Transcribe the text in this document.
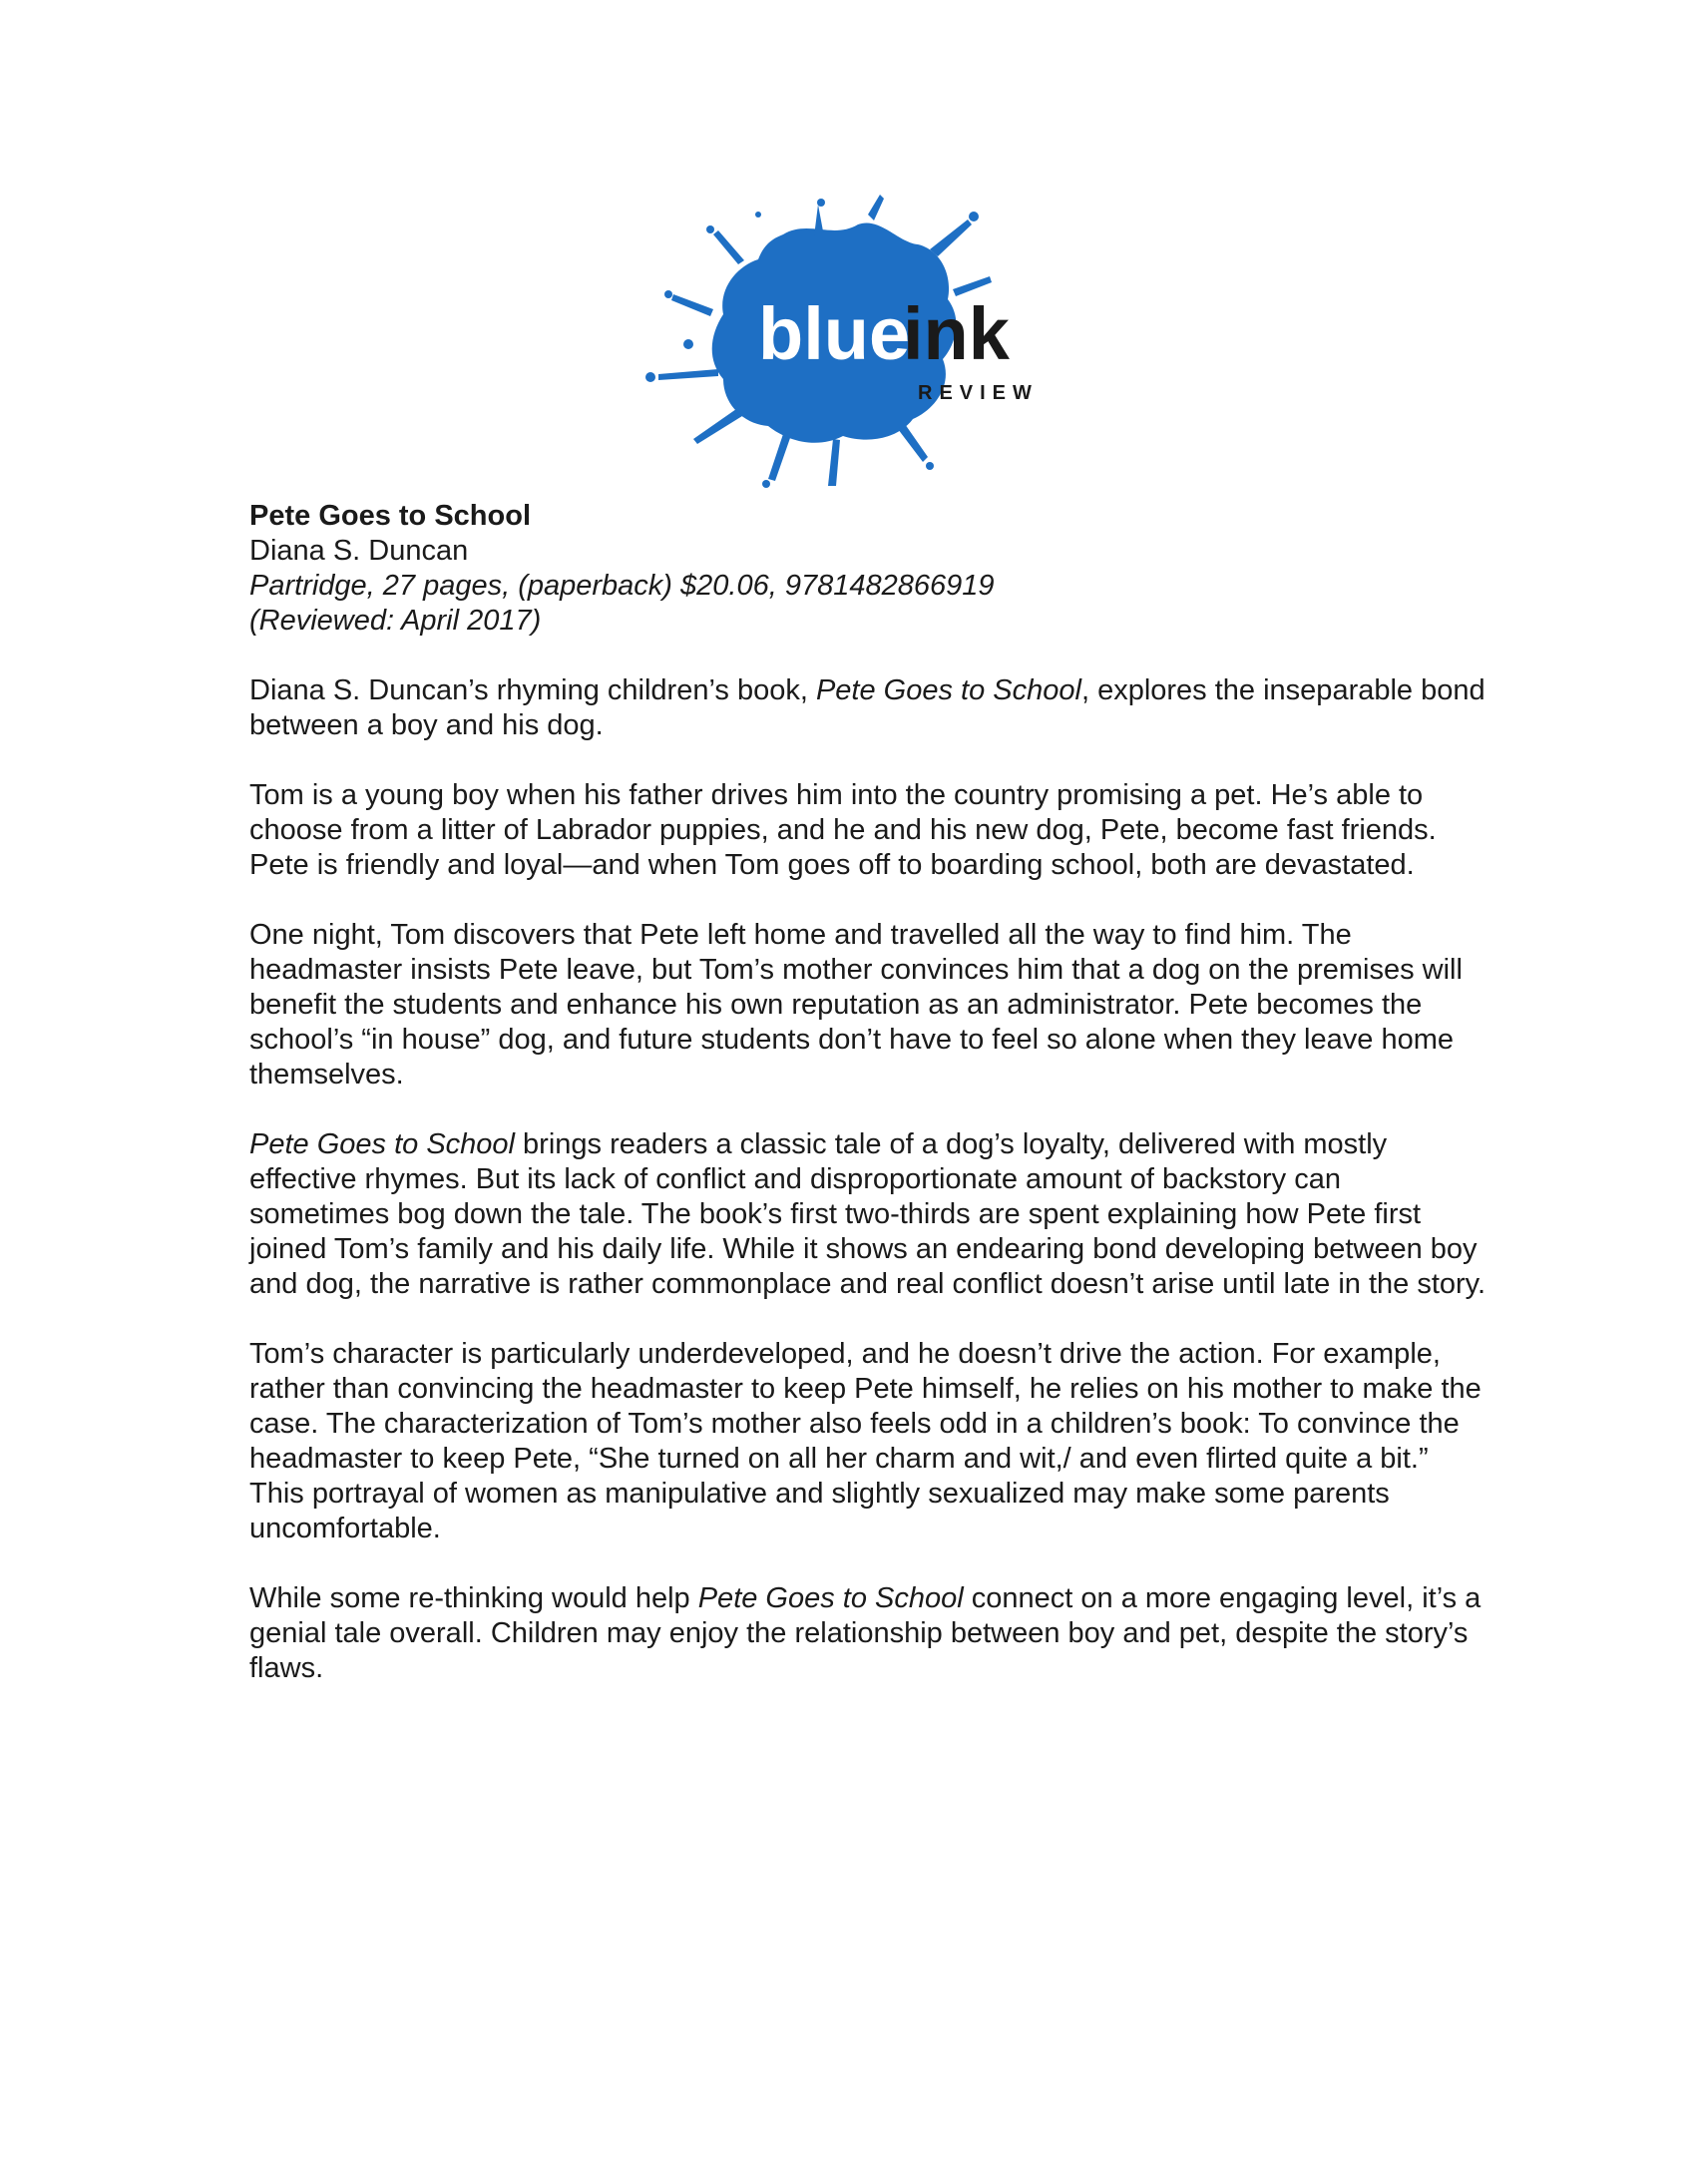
blue
ink
REVIEW
Pete Goes to School
Diana S. Duncan
Partridge, 27 pages, (paperback) $20.06, 9781482866919
(Reviewed: April 2017)

Diana S. Duncan’s rhyming children’s book, Pete Goes to School, explores the inseparable bond between a boy and his dog.

Tom is a young boy when his father drives him into the country promising a pet. He’s able to choose from a litter of Labrador puppies, and he and his new dog, Pete, become fast friends. Pete is friendly and loyal—and when Tom goes off to boarding school, both are devastated.

One night, Tom discovers that Pete left home and travelled all the way to find him. The headmaster insists Pete leave, but Tom’s mother convinces him that a dog on the premises will benefit the students and enhance his own reputation as an administrator. Pete becomes the school’s “in house” dog, and future students don’t have to feel so alone when they leave home themselves.

Pete Goes to School brings readers a classic tale of a dog’s loyalty, delivered with mostly effective rhymes. But its lack of conflict and disproportionate amount of backstory can sometimes bog down the tale. The book’s first two-thirds are spent explaining how Pete first joined Tom’s family and his daily life. While it shows an endearing bond developing between boy and dog, the narrative is rather commonplace and real conflict doesn’t arise until late in the story.

Tom’s character is particularly underdeveloped, and he doesn’t drive the action. For example, rather than convincing the headmaster to keep Pete himself, he relies on his mother to make the case. The characterization of Tom’s mother also feels odd in a children’s book: To convince the headmaster to keep Pete, “She turned on all her charm and wit,/ and even flirted quite a bit.” This portrayal of women as manipulative and slightly sexualized may make some parents uncomfortable.

While some re-thinking would help Pete Goes to School connect on a more engaging level, it’s a genial tale overall. Children may enjoy the relationship between boy and pet, despite the story’s flaws.
